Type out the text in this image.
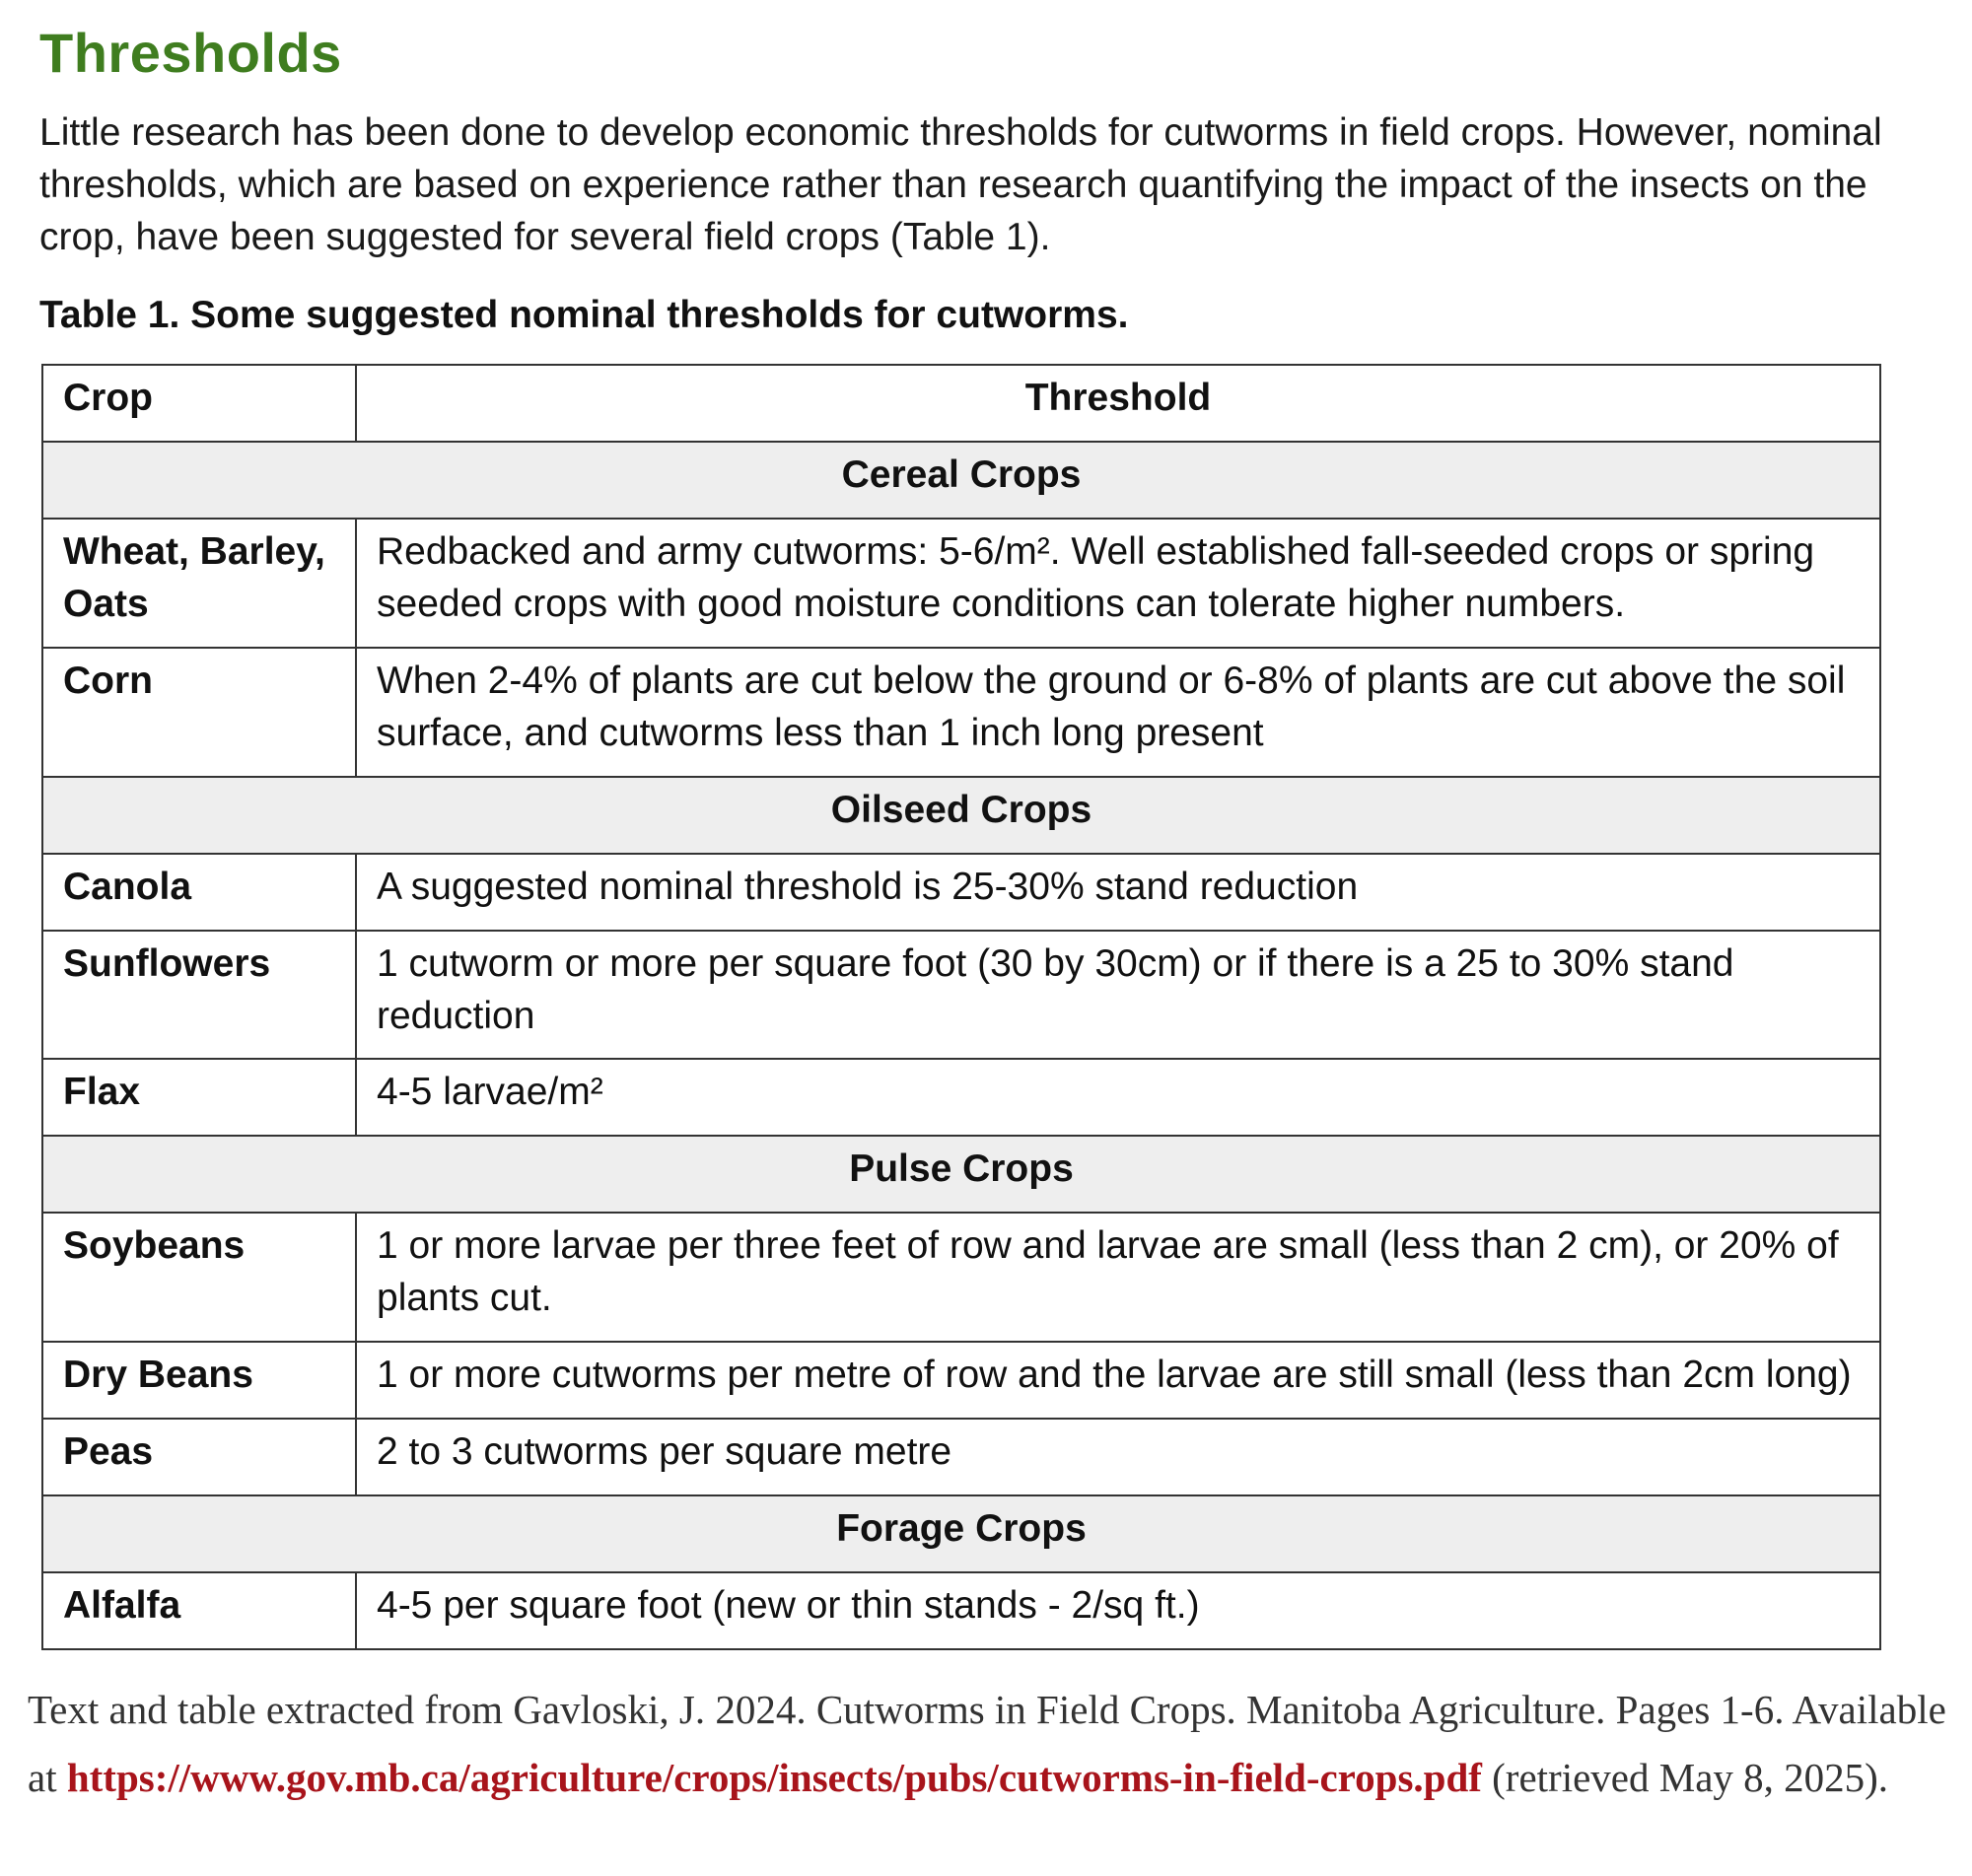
Thresholds

Little research has been done to develop economic thresholds for cutworms in field crops. However, nominal thresholds, which are based on experience rather than research quantifying the impact of the insects on the crop, have been suggested for several field crops (Table 1).

Table 1. Some suggested nominal thresholds for cutworms.

Crop	Threshold
Cereal Crops	
Wheat, Barley, Oats	Redbacked and army cutworms: 5-6/m². Well established fall-seeded crops or spring seeded crops with good moisture conditions can tolerate higher numbers.
Corn	When 2-4% of plants are cut below the ground or 6-8% of plants are cut above the soil surface, and cutworms less than 1 inch long present
Oilseed Crops	
Canola	A suggested nominal threshold is 25-30% stand reduction
Sunflowers	1 cutworm or more per square foot (30 by 30cm) or if there is a 25 to 30% stand reduction
Flax	4-5 larvae/m²
Pulse Crops	
Soybeans	1 or more larvae per three feet of row and larvae are small (less than 2 cm), or 20% of plants cut.
Dry Beans	1 or more cutworms per metre of row and the larvae are still small (less than 2cm long)
Peas	2 to 3 cutworms per square metre
Forage Crops	
Alfalfa	4-5 per square foot (new or thin stands - 2/sq ft.)

Text and table extracted from Gavloski, J. 2024. Cutworms in Field Crops. Manitoba Agriculture. Pages 1-6. Available at https://www.gov.mb.ca/agriculture/crops/insects/pubs/cutworms-in-field-crops.pdf (retrieved May 8, 2025).
